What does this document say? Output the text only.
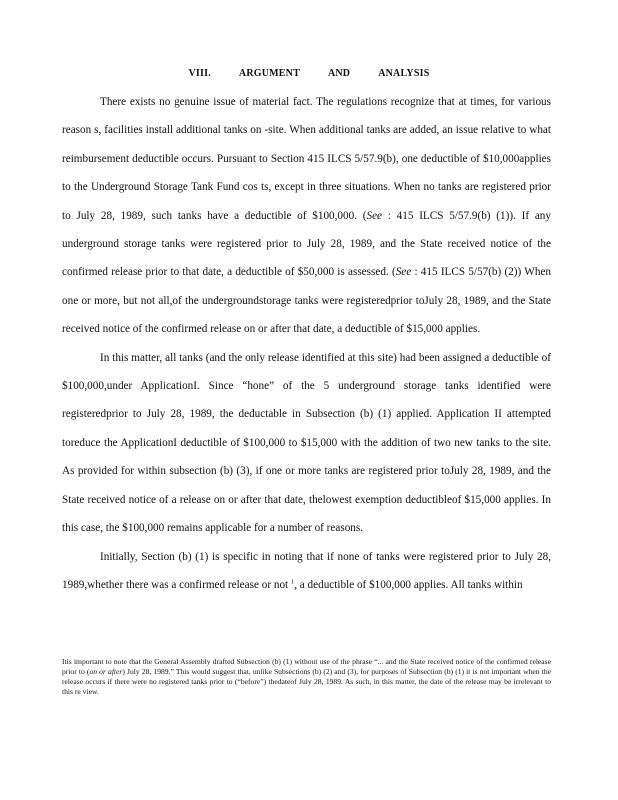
VIII.	ARGUMENT	AND	ANALYSIS

There exists no genuine issue of material fact. The regulations recognize that at times, for various reason s, facilities install additional tanks on -site. When additional tanks are added, an issue relative to what reimbursement deductible occurs. Pursuant to Section 415 ILCS 5/57.9(b), one deductible of $10,000applies to the Underground Storage Tank Fund cos ts, except in three situations. When no tanks are registered prior to July 28, 1989, such tanks have a deductible of $100,000. (See : 415 ILCS 5/57.9(b) (1)). If any underground storage tanks were registered prior to July 28, 1989, and the State received notice of the confirmed release prior to that date, a deductible of $50,000 is assessed. (See : 415 ILCS 5/57(b) (2)) When one or more, but not all,of the undergroundstorage tanks were registeredprior toJuly 28, 1989, and the State received notice of the confirmed release on or after that date, a deductible of $15,000 applies.

In this matter, all tanks (and the only release identified at this site) had been assigned a deductible of $100,000,under ApplicationI. Since “hone” of the 5 underground storage tanks identified were registeredprior to July 28, 1989, the deductable in Subsection (b) (1) applied. Application II attempted toreduce the ApplicationI deductible of $100,000 to $15,000 with the addition of two new tanks to the site. As provided for within subsection (b) (3), if one or more tanks are registered prior toJuly 28, 1989, and the State received notice of a release on or after that date, thelowest exemption deductibleof $15,000 applies. In this case, the $100,000 remains applicable for a number of reasons.

Initially, Section (b) (1) is specific in noting that if none of tanks were registered prior to July 28, 1989,whether there was a confirmed release or not $^1$, a deductible of $100,000 applies. All tanks within

Itis important to note that the General Assembly drafted Subsection (b) (1) without use of the phrase “... and the State received notice of the confirmed release prior to (on or after) July 28, 1989.” This would suggest that, unlike Subsections (b) (2) and (3), for purposes of Subsection (b) (1) it is not important when the release occurs if there were no registered tanks prior to (“before”) thedateof July 28, 1989. As such, in this matter, the date of the release may be irrelevant to this re view.
